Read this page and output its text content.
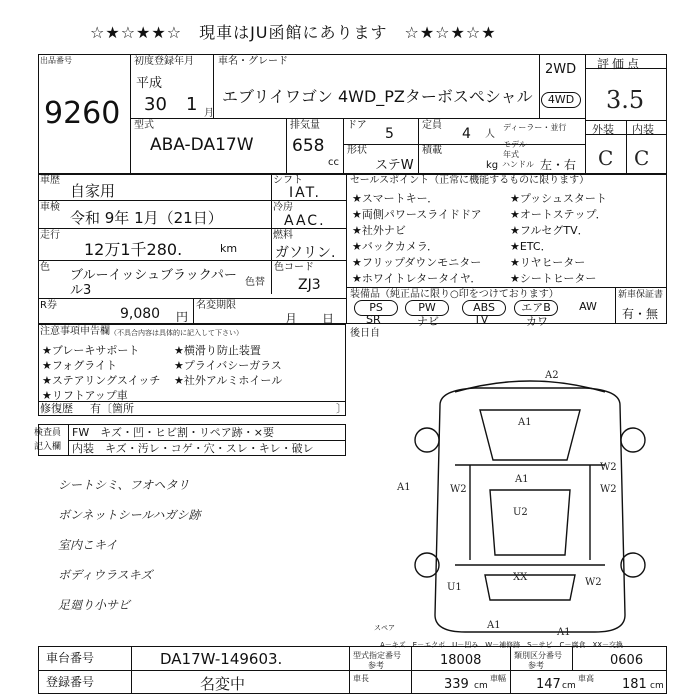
☆★☆★★☆　現車はJU函館にあります　☆★☆★☆★
出品番号
9260
初度登録年月
平成
30 1 月
車名・グレード
エブリイワゴン 4WD_PZターボスペシャル
2WD
4WD
型式
ABA-DA17W
排気量
658
cc
ドア
5
定員
4 人
ディーラー・並行
形状
ステW
積載
kg
モデル年式
ハンドル 左・右
評価点
3.5
外装 内装
C C
車歴
自家用
車検
令和 9年 1月（21日）
走行
12万1千280.	km
色
ブルーイッシュブラックパール3
色替
色コード
ZJ3
R券
9,080 円
名変期限
月 日
シフト
IAT.
冷房
AAC.
燃料
ガソリン.
セールスポイント（正常に機能するものに限ります）
★スマートキー．	★プッシュスタート
★両側パワースライドドア	★オートステップ．
★社外ナビ	★フルセグTV．
★バックカメラ．	★ETC．
★フリップダウンモニター	★リヤヒーター
★ホワイトレタータイヤ．	★シートヒーター
装備品（純正品に限り○印をつけております）
PS	PW	ABS	エアB	AW
SR	ナビ	TV	カワ
新車保証書
有・無
注意事項申告欄 （不具合内容は具体的に記入して下さい）
★ブレーキサポート	★横滑り防止装置
★フォグライト	★プライバシーガラス
★ステアリングスイッチ ★社外アルミホイール
★リフトアップ車
修復歴 有〔箇所	〕
後日自
検査員
記入欄
FW　キズ・凹・ヒビ割・リペア跡・×要
内装　キズ・汚レ・コゲ・穴・スレ・キレ・破レ
シートシミ、フオヘタリ
ボンネットシールハガシ跡
室内こキイ
ボディウラスキズ
足廻り小サビ
A2
A1
A1
A1
W2
W2
W2
U2
U1
XX
A1
W2
A1
スペア
A－キズ　E－エクボ　U－凹み　W－補修跡　S－サビ　C－腐食　XX－交換
車台番号	DA17W-149603.
登録番号	名変中
型式指定番号
参考	18008	類別区分番号
参考	0606
車長	339 cm
車幅 147 cm
車高 181 cm
